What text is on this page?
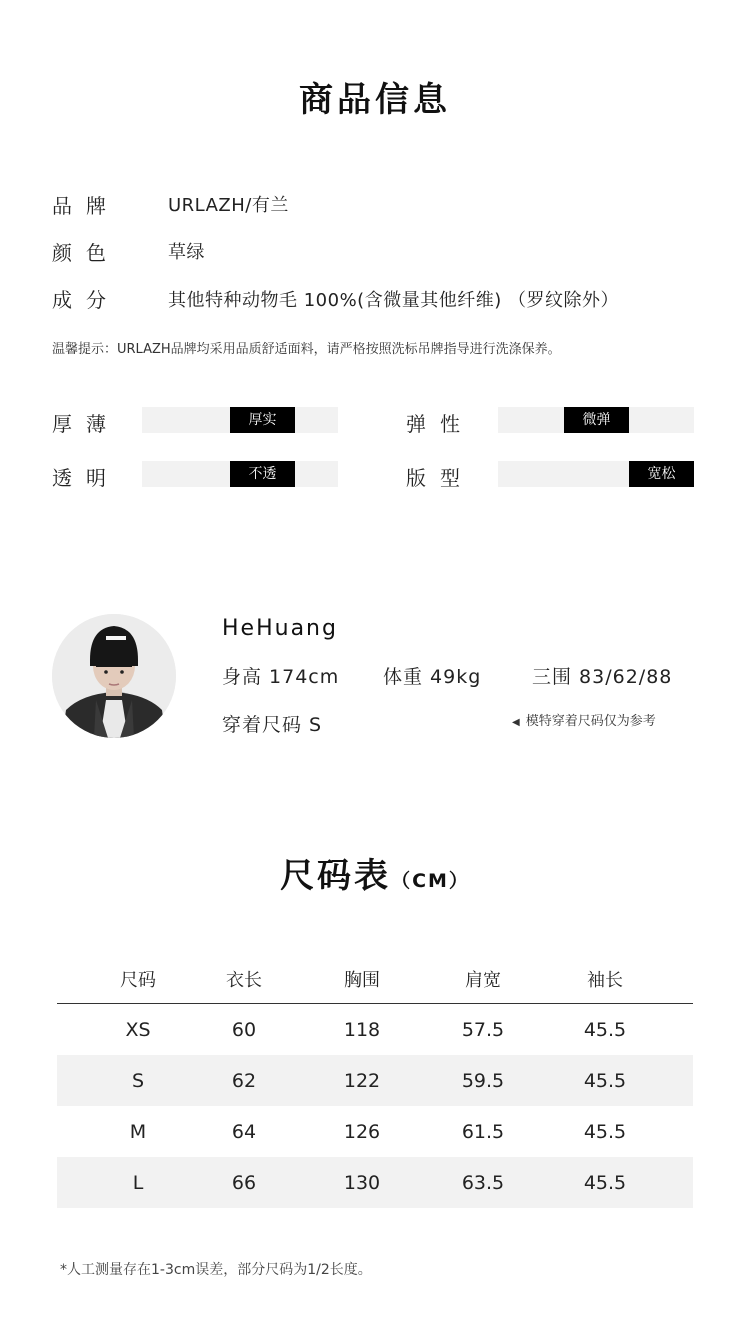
商品信息
品牌	URLAZH/有兰
颜色	草绿
成分	其他特种动物毛 100%(含微量其他纤维) （罗纹除外）
温馨提示：URLAZH品牌均采用品质舒适面料，请严格按照洗标吊牌指导进行洗涤保养。
厚薄	厚实	弹性	微弹
透明	不透	版型	宽松
HeHuang
身高 174cm 体重 49kg	三围 83/62/88
穿着尺码 S	◀ 模特穿着尺码仅为参考
尺码表（CM）
尺码	衣长	胸围	肩宽	袖长
XS	60	118	57.5	45.5
S	62	122	59.5	45.5
M	64	126	61.5	45.5
L	66	130	63.5	45.5
*人工测量存在1-3cm误差，部分尺码为1/2长度。
